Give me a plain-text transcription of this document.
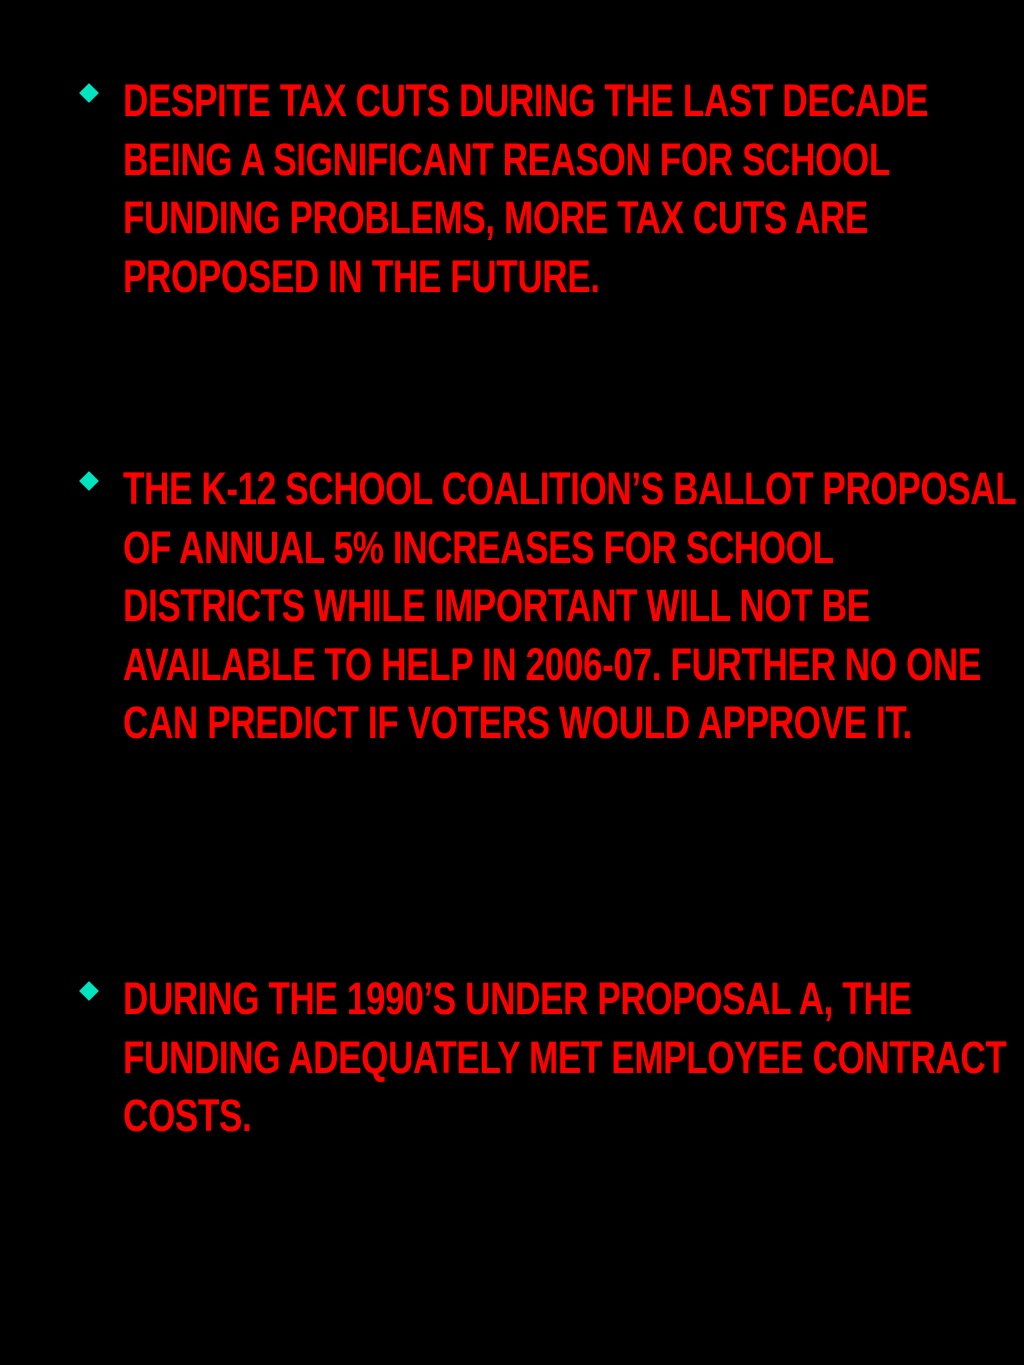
DESPITE TAX CUTS DURING THE LAST DECADE BEING A SIGNIFICANT REASON FOR SCHOOL FUNDING PROBLEMS, MORE TAX CUTS ARE PROPOSED IN THE FUTURE.

THE K-12 SCHOOL COALITION’S BALLOT PROPOSAL OF ANNUAL 5% INCREASES FOR SCHOOL DISTRICTS WHILE IMPORTANT WILL NOT BE AVAILABLE TO HELP IN 2006-07. FURTHER NO ONE CAN PREDICT IF VOTERS WOULD APPROVE IT.

DURING THE 1990’S UNDER PROPOSAL A, THE FUNDING ADEQUATELY MET EMPLOYEE CONTRACT COSTS.
